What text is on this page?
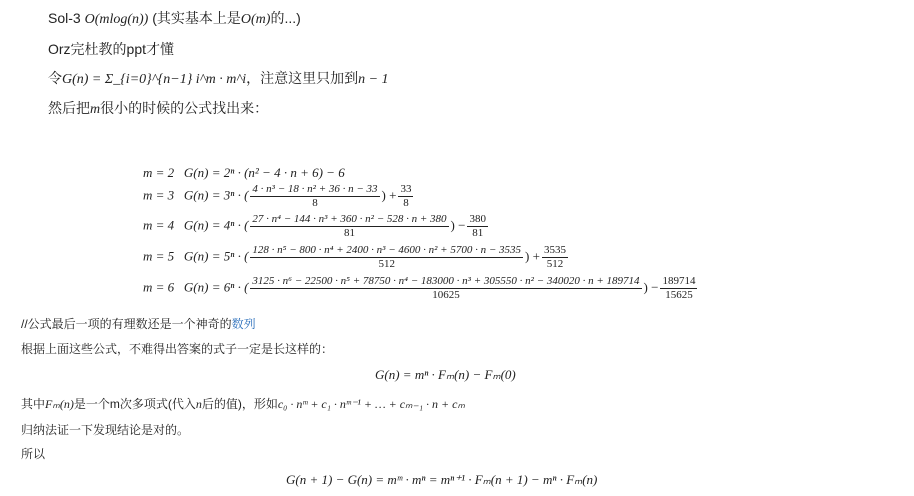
Sol-3 O(mlog(n)) (其实基本上是O(m)的...)
Orz完杜教的ppt才懂
令G(n) = Σ_{i=0}^{n−1} i^m · m^i，注意这里只加到n − 1
然后把m很小的时候的公式找出来：
m = 2 G(n) = 2ⁿ · (n² − 4 · n + 6) − 6
m = 3 G(n) = 3ⁿ · ( $\frac{\text{4 · n³ − 18 · n² + 36 · n − 33}}{8}$ ) + $\frac{33}{8}$
m = 4 G(n) = 4ⁿ · ( $\frac{\text{27 · n⁴ − 144 · n³ + 360 · n² − 528 · n + 380}}{81}$ ) − $\frac{380}{81}$
m = 5 G(n) = 5ⁿ · ( 128 · n⁵ − 800 · n⁴ + 2400 · n³ − 4600 · n² + 5700 · n − 3535
512
) + $\frac{3535}{512}$
m = 6 G(n) = 6ⁿ · ( 3125 · n⁶ − 22500 · n⁵ + 78750 · n⁴ − 183000 · n³ + 305550 · n² − 340020 · n + 189714
10625
) − $\frac{189714}{15625}$
//公式最后一项的有理数还是一个神奇的数列
根据上面这些公式，不难得出答案的式子一定是长这样的：
G(n) = mⁿ · Fₘ(n) − Fₘ(0)
其中Fₘ(n)是一个m次多项式(代入n后的值)，形如c₀ · nᵐ + c₁ · nᵐ⁻¹ + … + cₘ₋₁ · n + cₘ
归纳法证一下发现结论是对的。
所以
G(n + 1) − G(n) = mᵐ · mⁿ = mⁿ⁺¹ · Fₘ(n + 1) − mⁿ · Fₘ(n)
